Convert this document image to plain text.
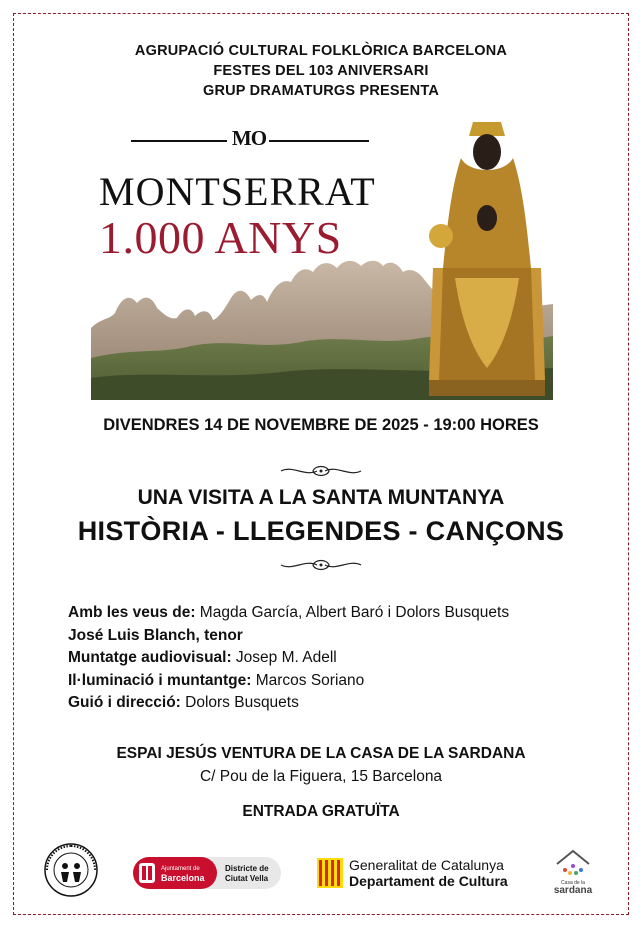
AGRUPACIÓ CULTURAL FOLKLÒRICA BARCELONA
FESTES DEL 103 ANIVERSARI
GRUP DRAMATURGS PRESENTA
MO
MONTSERRAT
1.000 ANYS
DIVENDRES 14 DE NOVEMBRE DE 2025 - 19:00 HORES
UNA VISITA A LA SANTA MUNTANYA
HISTÒRIA - LLEGENDES - CANÇONS
Amb les veus de: Magda García, Albert Baró i Dolors Busquets
José Luis Blanch, tenor
Muntatge audiovisual: Josep M. Adell
Il·luminació i muntantge: Marcos Soriano
Guió i direcció: Dolors Busquets
ESPAI JESÚS VENTURA DE LA CASA DE LA SARDANA
C/ Pou de la Figuera, 15 Barcelona
ENTRADA GRATUÏTA
Ajuntament de
Barcelona
Districte de
Ciutat Vella
Generalitat de Catalunya
Departament de Cultura	Casa de la
sardana
